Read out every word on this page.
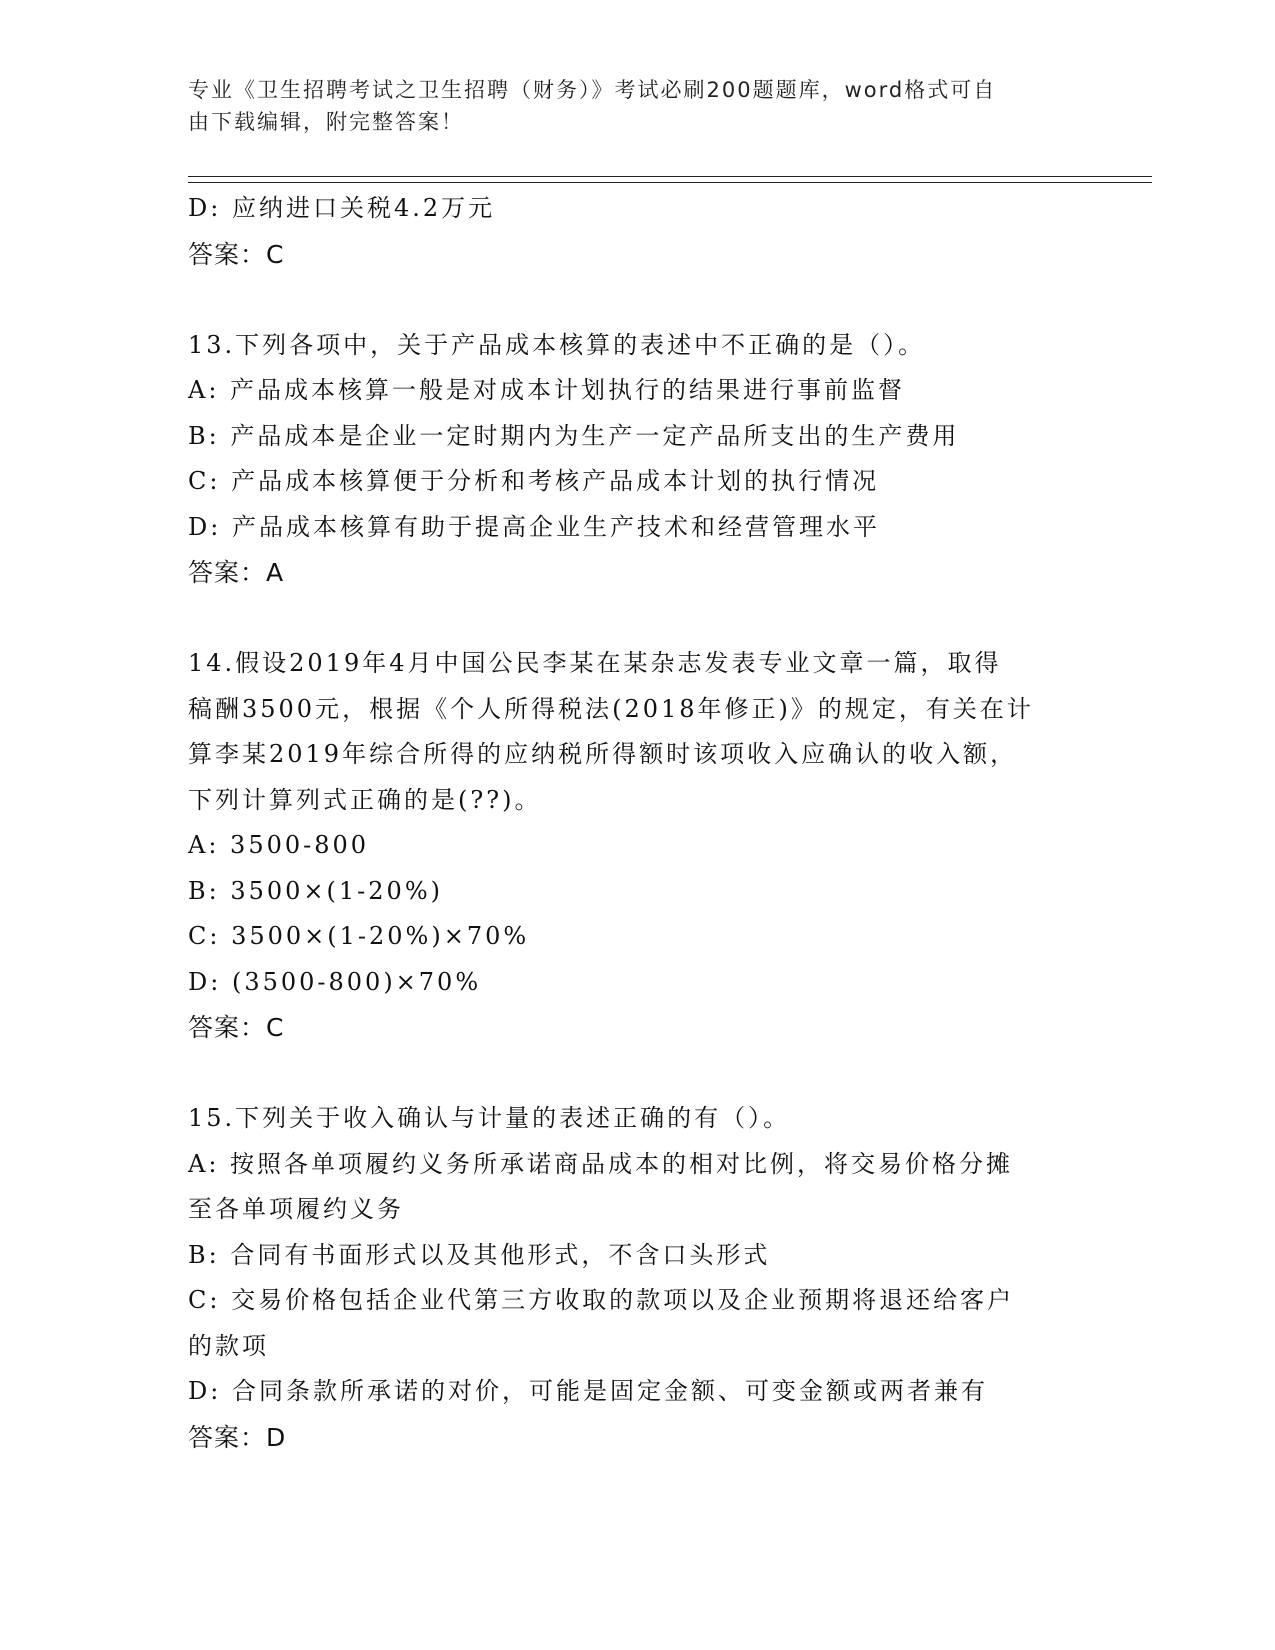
专业《卫生招聘考试之卫生招聘（财务）》考试必刷200题题库，word格式可自
由下载编辑，附完整答案！
D: 应纳进口关税4.2万元
答案：C
13.下列各项中，关于产品成本核算的表述中不正确的是（）。
A: 产品成本核算一般是对成本计划执行的结果进行事前监督
B: 产品成本是企业一定时期内为生产一定产品所支出的生产费用
C: 产品成本核算便于分析和考核产品成本计划的执行情况
D: 产品成本核算有助于提高企业生产技术和经营管理水平
答案：A
14.假设2019年4月中国公民李某在某杂志发表专业文章一篇，取得
稿酬3500元，根据《个人所得税法(2018年修正)》的规定，有关在计
算李某2019年综合所得的应纳税所得额时该项收入应确认的收入额，
下列计算列式正确的是(??)。
A: 3500-800
B: 3500×(1-20%)
C: 3500×(1-20%)×70%
D: (3500-800)×70%
答案：C
15.下列关于收入确认与计量的表述正确的有（）。
A: 按照各单项履约义务所承诺商品成本的相对比例，将交易价格分摊
至各单项履约义务
B: 合同有书面形式以及其他形式，不含口头形式
C: 交易价格包括企业代第三方收取的款项以及企业预期将退还给客户
的款项
D: 合同条款所承诺的对价，可能是固定金额、可变金额或两者兼有
答案：D
